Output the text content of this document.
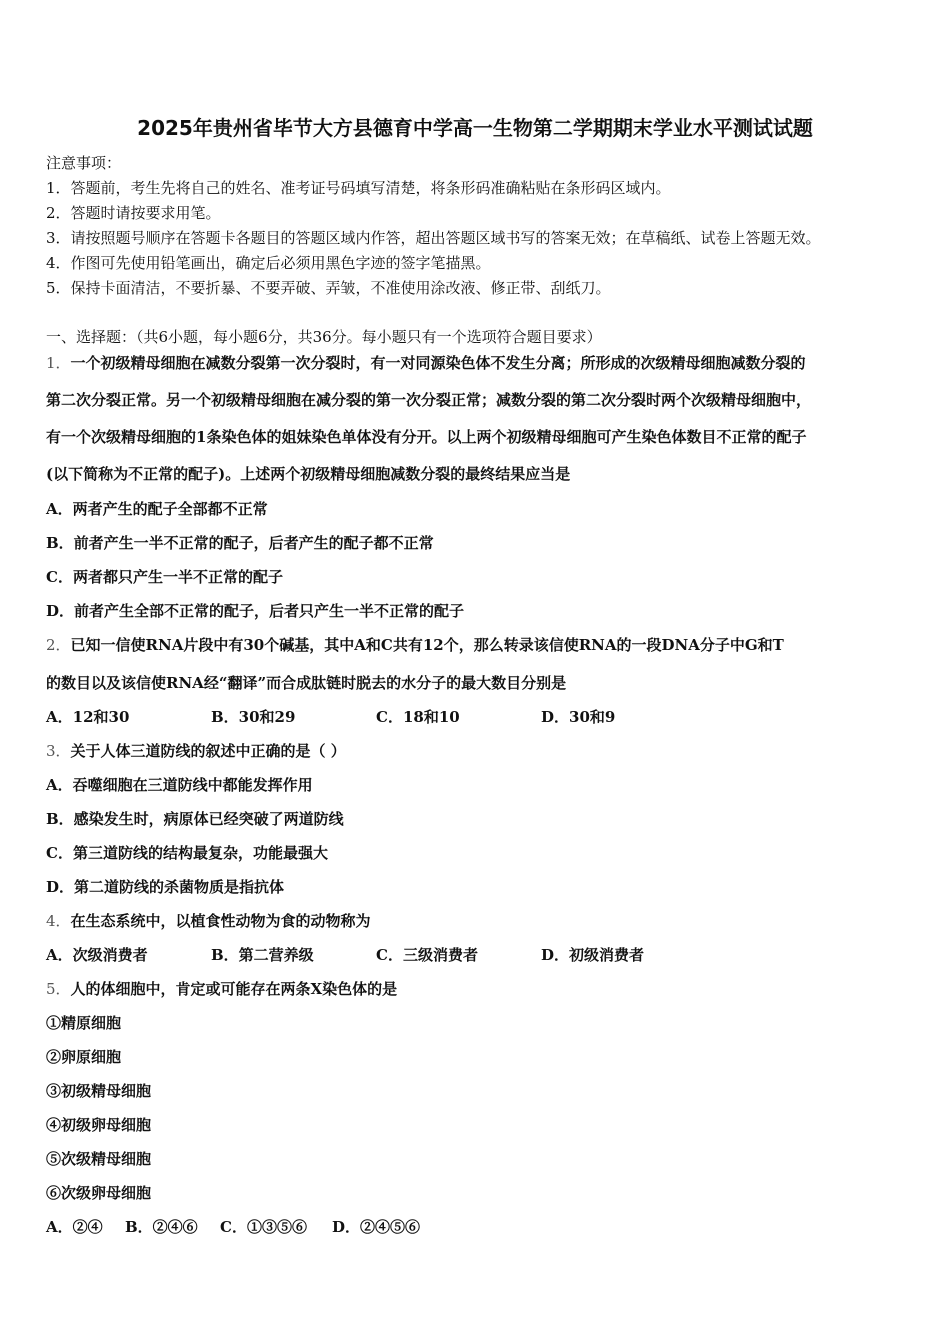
2025年贵州省毕节大方县德育中学高一生物第二学期期末学业水平测试试题
注意事项：
1．答题前，考生先将自己的姓名、准考证号码填写清楚，将条形码准确粘贴在条形码区域内。
2．答题时请按要求用笔。
3．请按照题号顺序在答题卡各题目的答题区域内作答，超出答题区域书写的答案无效；在草稿纸、试卷上答题无效。
4．作图可先使用铅笔画出，确定后必须用黑色字迹的签字笔描黑。
5．保持卡面清洁，不要折暴、不要弄破、弄皱，不准使用涂改液、修正带、刮纸刀。
一、选择题：（共6小题，每小题6分，共36分。每小题只有一个选项符合题目要求）
1．一个初级精母细胞在减数分裂第一次分裂时，有一对同源染色体不发生分离；所形成的次级精母细胞减数分裂的
第二次分裂正常。另一个初级精母细胞在减分裂的第一次分裂正常；减数分裂的第二次分裂时两个次级精母细胞中，
有一个次级精母细胞的1条染色体的姐妹染色单体没有分开。以上两个初级精母细胞可产生染色体数目不正常的配子
(以下简称为不正常的配子)。上述两个初级精母细胞减数分裂的最终结果应当是
A．两者产生的配子全部都不正常
B．前者产生一半不正常的配子，后者产生的配子都不正常
C．两者都只产生一半不正常的配子
D．前者产生全部不正常的配子，后者只产生一半不正常的配子
2．已知一信使RNA片段中有30个碱基，其中A和C共有12个，那么转录该信使RNA的一段DNA分子中G和T
的数目以及该信使RNA经“翻译”而合成肽链时脱去的水分子的最大数目分别是
A．12和30	B．30和29	C．18和10	D．30和9
3．关于人体三道防线的叙述中正确的是（ ）
A．吞噬细胞在三道防线中都能发挥作用
B．感染发生时，病原体已经突破了两道防线
C．第三道防线的结构最复杂，功能最强大
D．第二道防线的杀菌物质是指抗体
4．在生态系统中，以植食性动物为食的动物称为
A．次级消费者	B．第二营养级	C．三级消费者	D．初级消费者
5．人的体细胞中，肯定或可能存在两条X染色体的是
①精原细胞
②卵原细胞
③初级精母细胞
④初级卵母细胞
⑤次级精母细胞
⑥次级卵母细胞
A．②④ B．②④⑥ C．①③⑤⑥ D．②④⑤⑥
